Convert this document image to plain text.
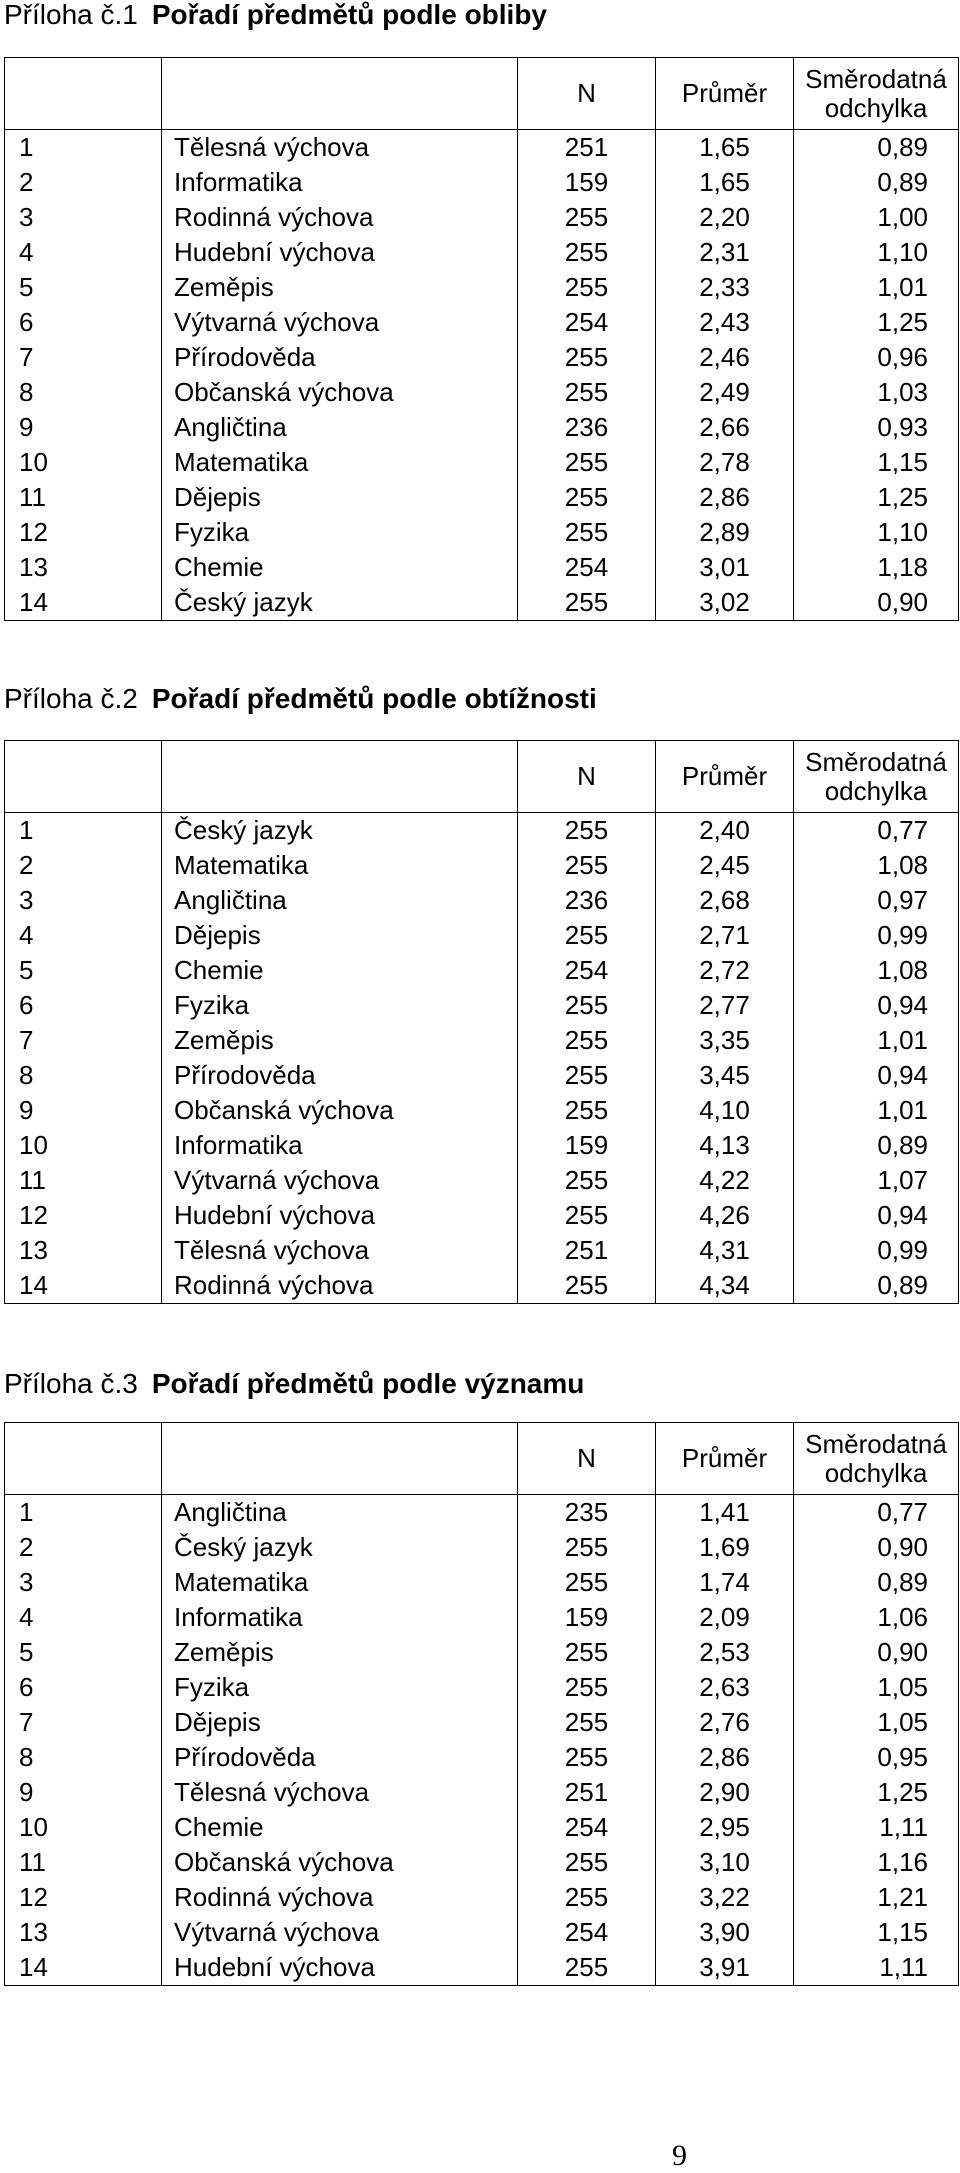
Příloha č.1 Pořadí předmětů podle obliby
		N	Průměr	Směrodatná
odchylka

1	Tělesná výchova	251	1,65	0,89
2	Informatika	159	1,65	0,89
3	Rodinná výchova	255	2,20	1,00
4	Hudební výchova	255	2,31	1,10
5	Zeměpis	255	2,33	1,01
6	Výtvarná výchova	254	2,43	1,25
7	Přírodověda	255	2,46	0,96
8	Občanská výchova	255	2,49	1,03
9	Angličtina	236	2,66	0,93
10	Matematika	255	2,78	1,15
11	Dějepis	255	2,86	1,25
12	Fyzika	255	2,89	1,10
13	Chemie	254	3,01	1,18
14	Český jazyk	255	3,02	0,90
Příloha č.2 Pořadí předmětů podle obtížnosti
		N	Průměr	Směrodatná
odchylka

1	Český jazyk	255	2,40	0,77
2	Matematika	255	2,45	1,08
3	Angličtina	236	2,68	0,97
4	Dějepis	255	2,71	0,99
5	Chemie	254	2,72	1,08
6	Fyzika	255	2,77	0,94
7	Zeměpis	255	3,35	1,01
8	Přírodověda	255	3,45	0,94
9	Občanská výchova	255	4,10	1,01
10	Informatika	159	4,13	0,89
11	Výtvarná výchova	255	4,22	1,07
12	Hudební výchova	255	4,26	0,94
13	Tělesná výchova	251	4,31	0,99
14	Rodinná výchova	255	4,34	0,89
Příloha č.3 Pořadí předmětů podle významu
		N	Průměr	Směrodatná
odchylka

1	Angličtina	235	1,41	0,77
2	Český jazyk	255	1,69	0,90
3	Matematika	255	1,74	0,89
4	Informatika	159	2,09	1,06
5	Zeměpis	255	2,53	0,90
6	Fyzika	255	2,63	1,05
7	Dějepis	255	2,76	1,05
8	Přírodověda	255	2,86	0,95
9	Tělesná výchova	251	2,90	1,25
10	Chemie	254	2,95	1,11
11	Občanská výchova	255	3,10	1,16
12	Rodinná výchova	255	3,22	1,21
13	Výtvarná výchova	254	3,90	1,15
14	Hudební výchova	255	3,91	1,11
9
